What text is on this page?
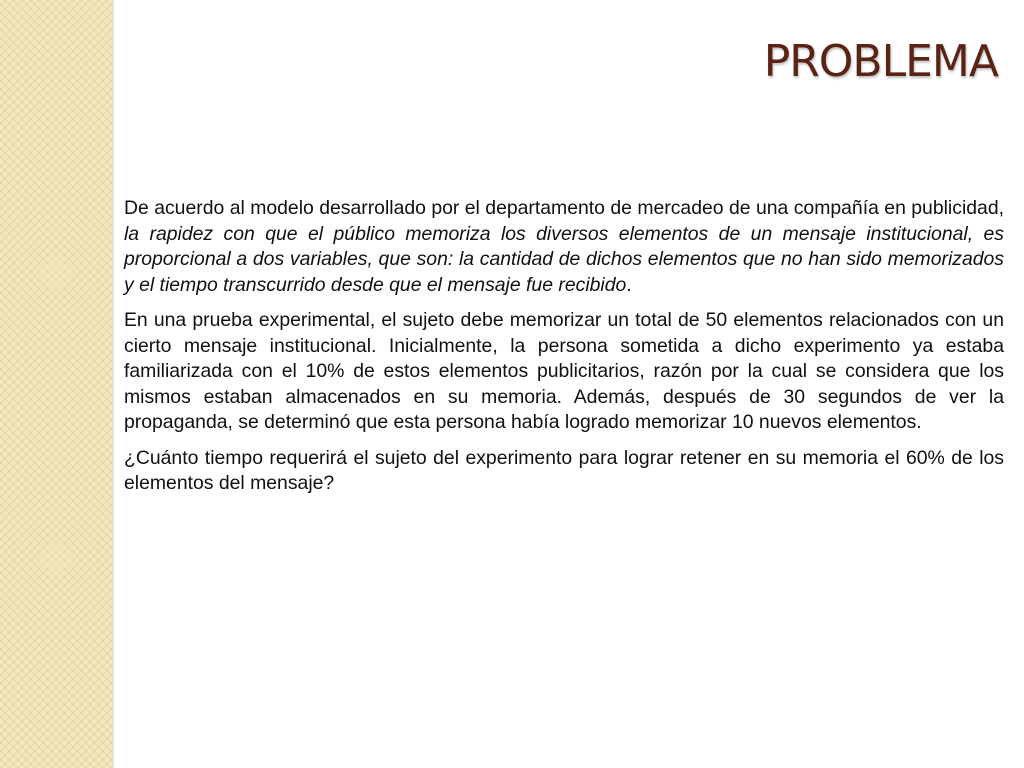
PROBLEMA

De acuerdo al modelo desarrollado por el departamento de mercadeo de una compañía en publicidad, la rapidez con que el público memoriza los diversos elementos de un mensaje institucional, es proporcional a dos variables, que son: la cantidad de dichos elementos que no han sido memorizados y el tiempo transcurrido desde que el mensaje fue recibido.

En una prueba experimental, el sujeto debe memorizar un total de 50 elementos relacionados con un cierto mensaje institucional. Inicialmente, la persona sometida a dicho experimento ya estaba familiarizada con el 10% de estos elementos publicitarios, razón por la cual se considera que los mismos estaban almacenados en su memoria. Además, después de 30 segundos de ver la propaganda, se determinó que esta persona había logrado memorizar 10 nuevos elementos.

¿Cuánto tiempo requerirá el sujeto del experimento para lograr retener en su memoria el 60% de los elementos del mensaje?
